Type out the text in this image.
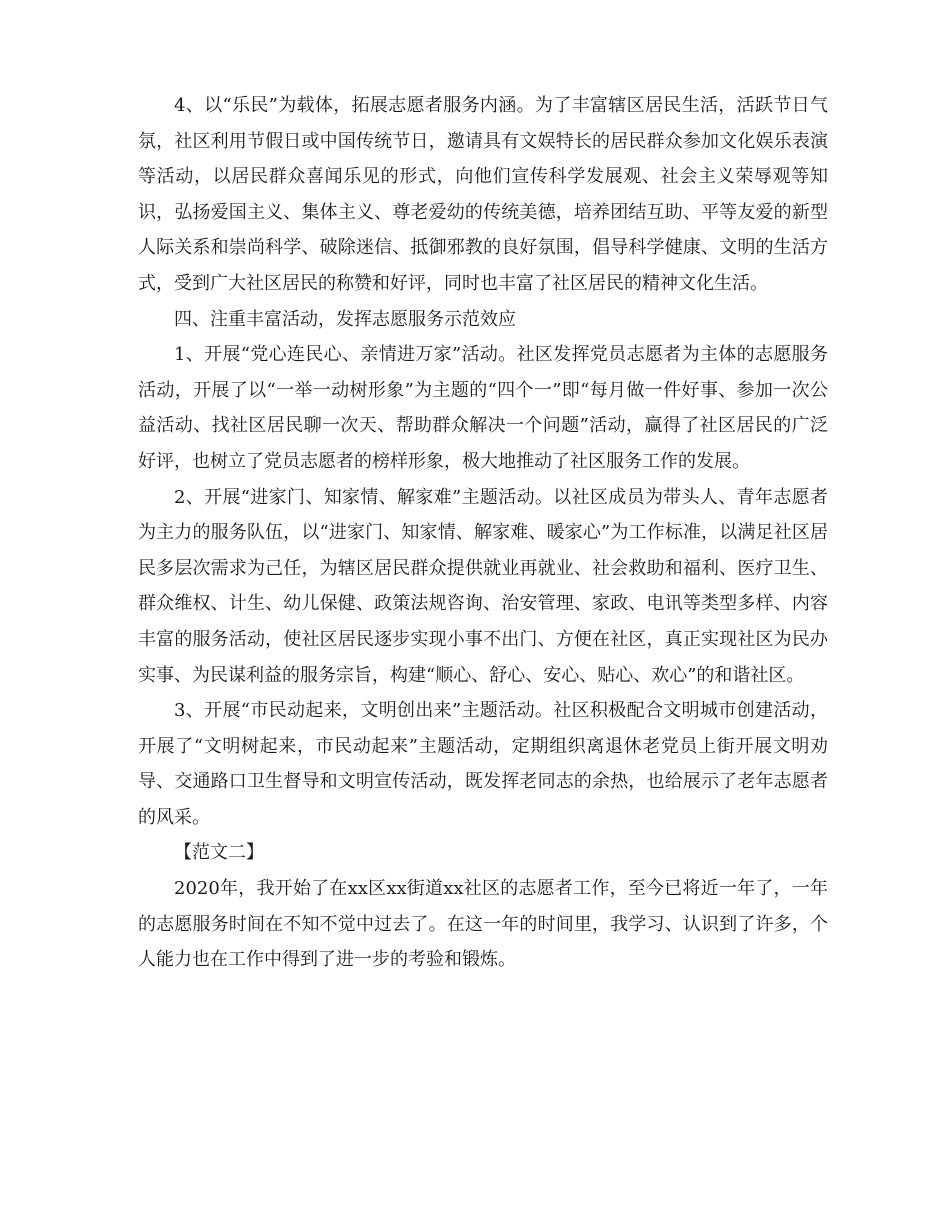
4、以“乐民”为载体，拓展志愿者服务内涵。为了丰富辖区居民生活，活跃节日气氛，社区利用节假日或中国传统节日，邀请具有文娱特长的居民群众参加文化娱乐表演等活动，以居民群众喜闻乐见的形式，向他们宣传科学发展观、社会主义荣辱观等知识，弘扬爱国主义、集体主义、尊老爱幼的传统美德，培养团结互助、平等友爱的新型人际关系和崇尚科学、破除迷信、抵御邪教的良好氛围，倡导科学健康、文明的生活方式，受到广大社区居民的称赞和好评，同时也丰富了社区居民的精神文化生活。

四、注重丰富活动，发挥志愿服务示范效应

1、开展“党心连民心、亲情进万家”活动。社区发挥党员志愿者为主体的志愿服务活动，开展了以“一举一动树形象”为主题的“四个一”即“每月做一件好事、参加一次公益活动、找社区居民聊一次天、帮助群众解决一个问题”活动，赢得了社区居民的广泛好评，也树立了党员志愿者的榜样形象，极大地推动了社区服务工作的发展。

2、开展“进家门、知家情、解家难”主题活动。以社区成员为带头人、青年志愿者为主力的服务队伍，以“进家门、知家情、解家难、暖家心”为工作标准，以满足社区居民多层次需求为己任，为辖区居民群众提供就业再就业、社会救助和福利、医疗卫生、群众维权、计生、幼儿保健、政策法规咨询、治安管理、家政、电讯等类型多样、内容丰富的服务活动，使社区居民逐步实现小事不出门、方便在社区，真正实现社区为民办实事、为民谋利益的服务宗旨，构建“顺心、舒心、安心、贴心、欢心”的和谐社区。

3、开展“市民动起来，文明创出来”主题活动。社区积极配合文明城市创建活动，开展了“文明树起来，市民动起来”主题活动，定期组织离退休老党员上街开展文明劝导、交通路口卫生督导和文明宣传活动，既发挥老同志的余热，也给展示了老年志愿者的风采。

【范文二】

2020年，我开始了在xx区xx街道xx社区的志愿者工作，至今已将近一年了，一年的志愿服务时间在不知不觉中过去了。在这一年的时间里，我学习、认识到了许多，个人能力也在工作中得到了进一步的考验和锻炼。
